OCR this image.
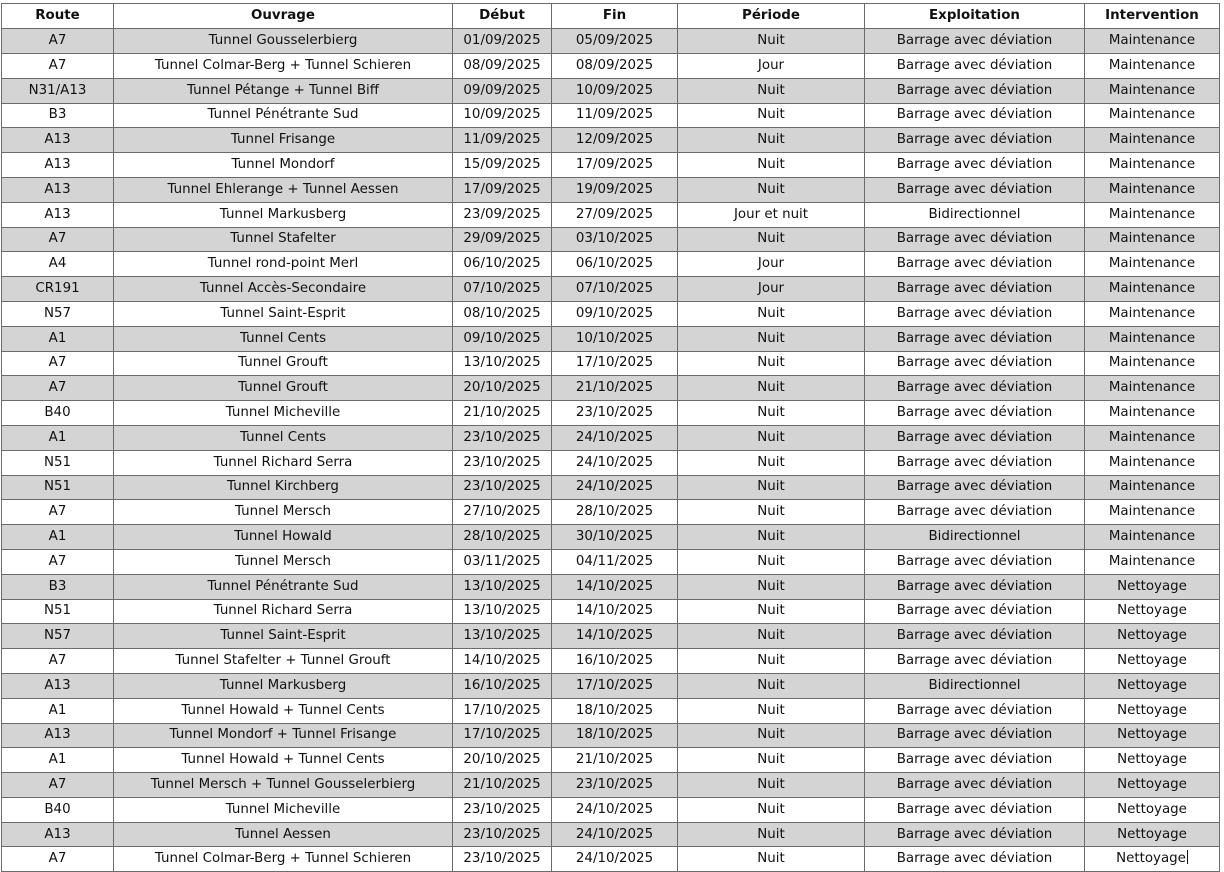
Route	Ouvrage	Début	Fin	Période	Exploitation	Intervention
A7	Tunnel Gousselerbierg	01/09/2025	05/09/2025	Nuit	Barrage avec déviation	Maintenance
A7	Tunnel Colmar-Berg + Tunnel Schieren	08/09/2025	08/09/2025	Jour	Barrage avec déviation	Maintenance
N31/A13	Tunnel Pétange + Tunnel Biff	09/09/2025	10/09/2025	Nuit	Barrage avec déviation	Maintenance
B3	Tunnel Pénétrante Sud	10/09/2025	11/09/2025	Nuit	Barrage avec déviation	Maintenance
A13	Tunnel Frisange	11/09/2025	12/09/2025	Nuit	Barrage avec déviation	Maintenance
A13	Tunnel Mondorf	15/09/2025	17/09/2025	Nuit	Barrage avec déviation	Maintenance
A13	Tunnel Ehlerange + Tunnel Aessen	17/09/2025	19/09/2025	Nuit	Barrage avec déviation	Maintenance
A13	Tunnel Markusberg	23/09/2025	27/09/2025	Jour et nuit	Bidirectionnel	Maintenance
A7	Tunnel Stafelter	29/09/2025	03/10/2025	Nuit	Barrage avec déviation	Maintenance
A4	Tunnel rond-point Merl	06/10/2025	06/10/2025	Jour	Barrage avec déviation	Maintenance
CR191	Tunnel Accès-Secondaire	07/10/2025	07/10/2025	Jour	Barrage avec déviation	Maintenance
N57	Tunnel Saint-Esprit	08/10/2025	09/10/2025	Nuit	Barrage avec déviation	Maintenance
A1	Tunnel Cents	09/10/2025	10/10/2025	Nuit	Barrage avec déviation	Maintenance
A7	Tunnel Grouft	13/10/2025	17/10/2025	Nuit	Barrage avec déviation	Maintenance
A7	Tunnel Grouft	20/10/2025	21/10/2025	Nuit	Barrage avec déviation	Maintenance
B40	Tunnel Micheville	21/10/2025	23/10/2025	Nuit	Barrage avec déviation	Maintenance
A1	Tunnel Cents	23/10/2025	24/10/2025	Nuit	Barrage avec déviation	Maintenance
N51	Tunnel Richard Serra	23/10/2025	24/10/2025	Nuit	Barrage avec déviation	Maintenance
N51	Tunnel Kirchberg	23/10/2025	24/10/2025	Nuit	Barrage avec déviation	Maintenance
A7	Tunnel Mersch	27/10/2025	28/10/2025	Nuit	Barrage avec déviation	Maintenance
A1	Tunnel Howald	28/10/2025	30/10/2025	Nuit	Bidirectionnel	Maintenance
A7	Tunnel Mersch	03/11/2025	04/11/2025	Nuit	Barrage avec déviation	Maintenance
B3	Tunnel Pénétrante Sud	13/10/2025	14/10/2025	Nuit	Barrage avec déviation	Nettoyage
N51	Tunnel Richard Serra	13/10/2025	14/10/2025	Nuit	Barrage avec déviation	Nettoyage
N57	Tunnel Saint-Esprit	13/10/2025	14/10/2025	Nuit	Barrage avec déviation	Nettoyage
A7	Tunnel Stafelter + Tunnel Grouft	14/10/2025	16/10/2025	Nuit	Barrage avec déviation	Nettoyage
A13	Tunnel Markusberg	16/10/2025	17/10/2025	Nuit	Bidirectionnel	Nettoyage
A1	Tunnel Howald + Tunnel Cents	17/10/2025	18/10/2025	Nuit	Barrage avec déviation	Nettoyage
A13	Tunnel Mondorf + Tunnel Frisange	17/10/2025	18/10/2025	Nuit	Barrage avec déviation	Nettoyage
A1	Tunnel Howald + Tunnel Cents	20/10/2025	21/10/2025	Nuit	Barrage avec déviation	Nettoyage
A7	Tunnel Mersch + Tunnel Gousselerbierg	21/10/2025	23/10/2025	Nuit	Barrage avec déviation	Nettoyage
B40	Tunnel Micheville	23/10/2025	24/10/2025	Nuit	Barrage avec déviation	Nettoyage
A13	Tunnel Aessen	23/10/2025	24/10/2025	Nuit	Barrage avec déviation	Nettoyage
A7	Tunnel Colmar-Berg + Tunnel Schieren	23/10/2025	24/10/2025	Nuit	Barrage avec déviation	Nettoyage
